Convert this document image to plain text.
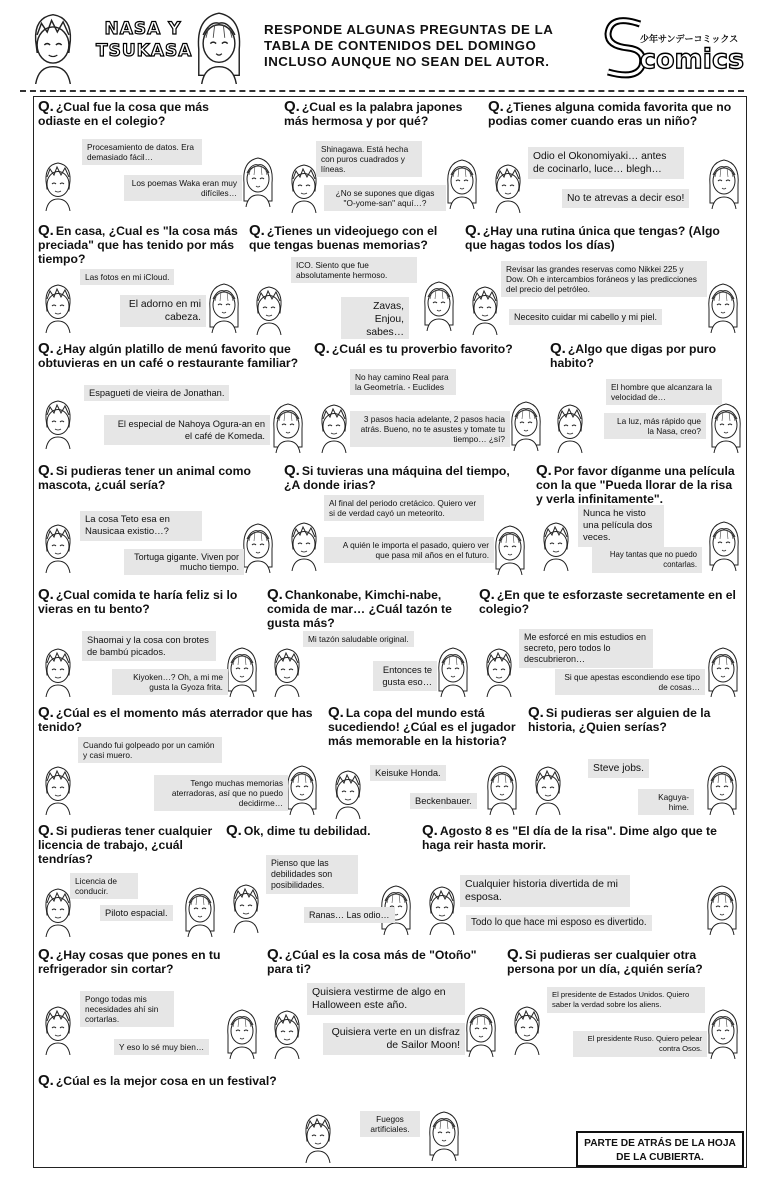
NASA Y TSUKASA
RESPONDE ALGUNAS PREGUNTAS DE LA TABLA DE CONTENIDOS DEL DOMINGO INCLUSO AUNQUE NO SEAN DEL AUTOR.
少年サンデーコミックス
comics
Q. ¿Cual fue la cosa que más odiaste en el colegio?
Procesamiento de datos. Era demasiado fácil…
Los poemas Waka eran muy difíciles…
Q. ¿Cual es la palabra japones más hermosa y por qué?
Shinagawa. Está hecha con puros cuadrados y líneas.
¿No se supones que digas "O-yome-san" aquí…?
Q. ¿Tienes alguna comida favorita que no podias comer cuando eras un niño?
Odio el Okonomiyaki… antes de cocinarlo, luce… blegh…
No te atrevas a decir eso!
Q. En casa, ¿Cual es "la cosa más preciada" que has tenido por más tiempo?
Las fotos en mi iCloud.
El adorno en mi cabeza.
Q. ¿Tienes un videojuego con el que tengas buenas memorias?
ICO. Siento que fue absolutamente hermoso.
Zavas, Enjou, sabes…
Q. ¿Hay una rutina única que tengas? (Algo que hagas todos los días)
Revisar las grandes reservas como Nikkei 225 y Dow. Oh e intercambios foráneos y las predicciones del precio del petróleo.
Necesito cuidar mi cabello y mi piel.
Q. ¿Hay algún platillo de menú favorito que obtuvieras en un café o restaurante familiar?
Espagueti de vieira de Jonathan.
El especial de Nahoya Ogura-an en el café de Komeda.
Q. ¿Cuál es tu proverbio favorito?
No hay camino Real para la Geometría. - Euclides
3 pasos hacia adelante, 2 pasos hacia atrás. Bueno, no te asustes y tomate tu tiempo… ¿sí?
Q. ¿Algo que digas por puro habito?
El hombre que alcanzara la velocidad de…
La luz, más rápido que la Nasa, creo?
Q. Si pudieras tener un animal como mascota, ¿cuál sería?
La cosa Teto esa en Nausicaa existio…?
Tortuga gigante. Viven por mucho tiempo.
Q. Si tuvieras una máquina del tiempo, ¿A donde irias?
Al final del periodo cretácico. Quiero ver si de verdad cayó un meteorito.
A quién le importa el pasado, quiero ver que pasa mil años en el futuro.
Q. Por favor díganme una película con la que "Pueda llorar de la risa y verla infinitamente".
Nunca he visto una película dos veces.
Hay tantas que no puedo contarlas.
Q. ¿Cual comida te haría feliz si lo vieras en tu bento?
Shaomai y la cosa con brotes de bambú picados.
Kiyoken…? Oh, a mi me gusta la Gyoza frita.
Q. Chankonabe, Kimchi-nabe, comida de mar… ¿Cuál tazón te gusta más?
Mi tazón saludable original.
Entonces te gusta eso…
Q. ¿En que te esforzaste secretamente en el colegio?
Me esforcé en mis estudios en secreto, pero todos lo descubrieron…
Si que apestas escondiendo ese tipo de cosas…
Q. ¿Cúal es el momento más aterrador que has tenido?
Cuando fui golpeado por un camión y casi muero.
Tengo muchas memorias aterradoras, así que no puedo decidirme…
Q. La copa del mundo está sucediendo! ¿Cúal es el jugador más memorable en la historia?
Keisuke Honda.
Beckenbauer.
Q. Si pudieras ser alguien de la historia, ¿Quien serías?
Steve jobs.
Kaguya-hime.
Q. Si pudieras tener cualquier licencia de trabajo, ¿cuál tendrías?
Licencia de conducir.
Piloto espacial.
Q. Ok, dime tu debilidad.
Pienso que las debilidades son posibilidades.
Ranas… Las odio…
Q. Agosto 8 es "El día de la risa". Dime algo que te haga reir hasta morir.
Cualquier historia divertida de mi esposa.
Todo lo que hace mi esposo es divertido.
Q. ¿Hay cosas que pones en tu refrigerador sin cortar?
Pongo todas mis necesidades ahí sin cortarlas.
Y eso lo sé muy bien…
Q. ¿Cúal es la cosa más de "Otoño" para ti?
Quisiera vestirme de algo en Halloween este año.
Quisiera verte en un disfraz de Sailor Moon!
Q. Si pudieras ser cualquier otra persona por un día, ¿quién sería?
El presidente de Estados Unidos. Quiero saber la verdad sobre los aliens.
El presidente Ruso. Quiero pelear contra Osos.
Q. ¿Cúal es la mejor cosa en un festival?
Fuegos artificiales.
PARTE DE ATRÁS DE LA HOJA DE LA CUBIERTA.
